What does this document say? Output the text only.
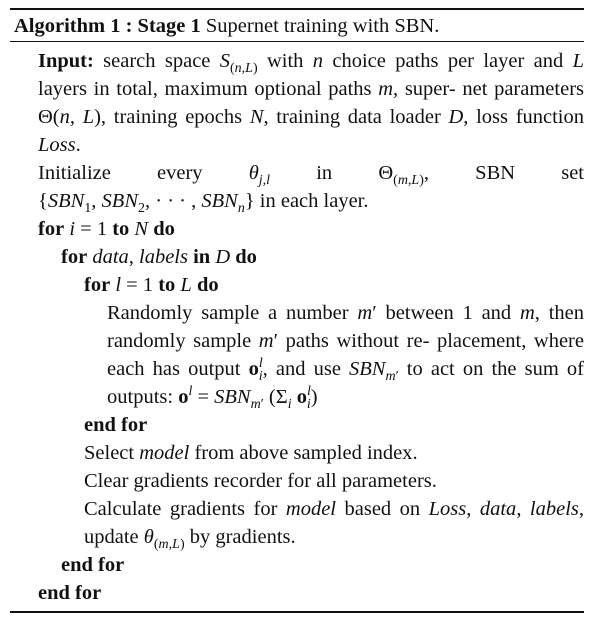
Algorithm 1 : Stage 1 Supernet training with SBN.
Input: search space $S_{(n,L)}$ with n choice paths per layer and L layers in total, maximum optional paths m, super- net parameters Θ(n, L), training epochs N, training data loader D, loss function Loss.
Initialize every $\theta_{j,l}$ in $\Theta_{(m,L)}$, SBN set
{$SBN_1$, $SBN_2$, · · · , $SBN_n$} in each layer.
for i = 1 to N do
for data, labels in D do
for l = 1 to L do
Randomly sample a number m′ between 1 and m, then randomly sample m′ paths without re- placement, where each has output $o^l_i$, and use $SBN_{m'}$ to act on the sum of outputs: $o^l = SBN_{m'}$ ($\Sigma_i$ $o^l_i$)
end for
Select model from above sampled index.
Clear gradients recorder for all parameters.
Calculate gradients for model based on Loss, data, labels, update $\theta_{(m,L)}$ by gradients.
end for
end for
